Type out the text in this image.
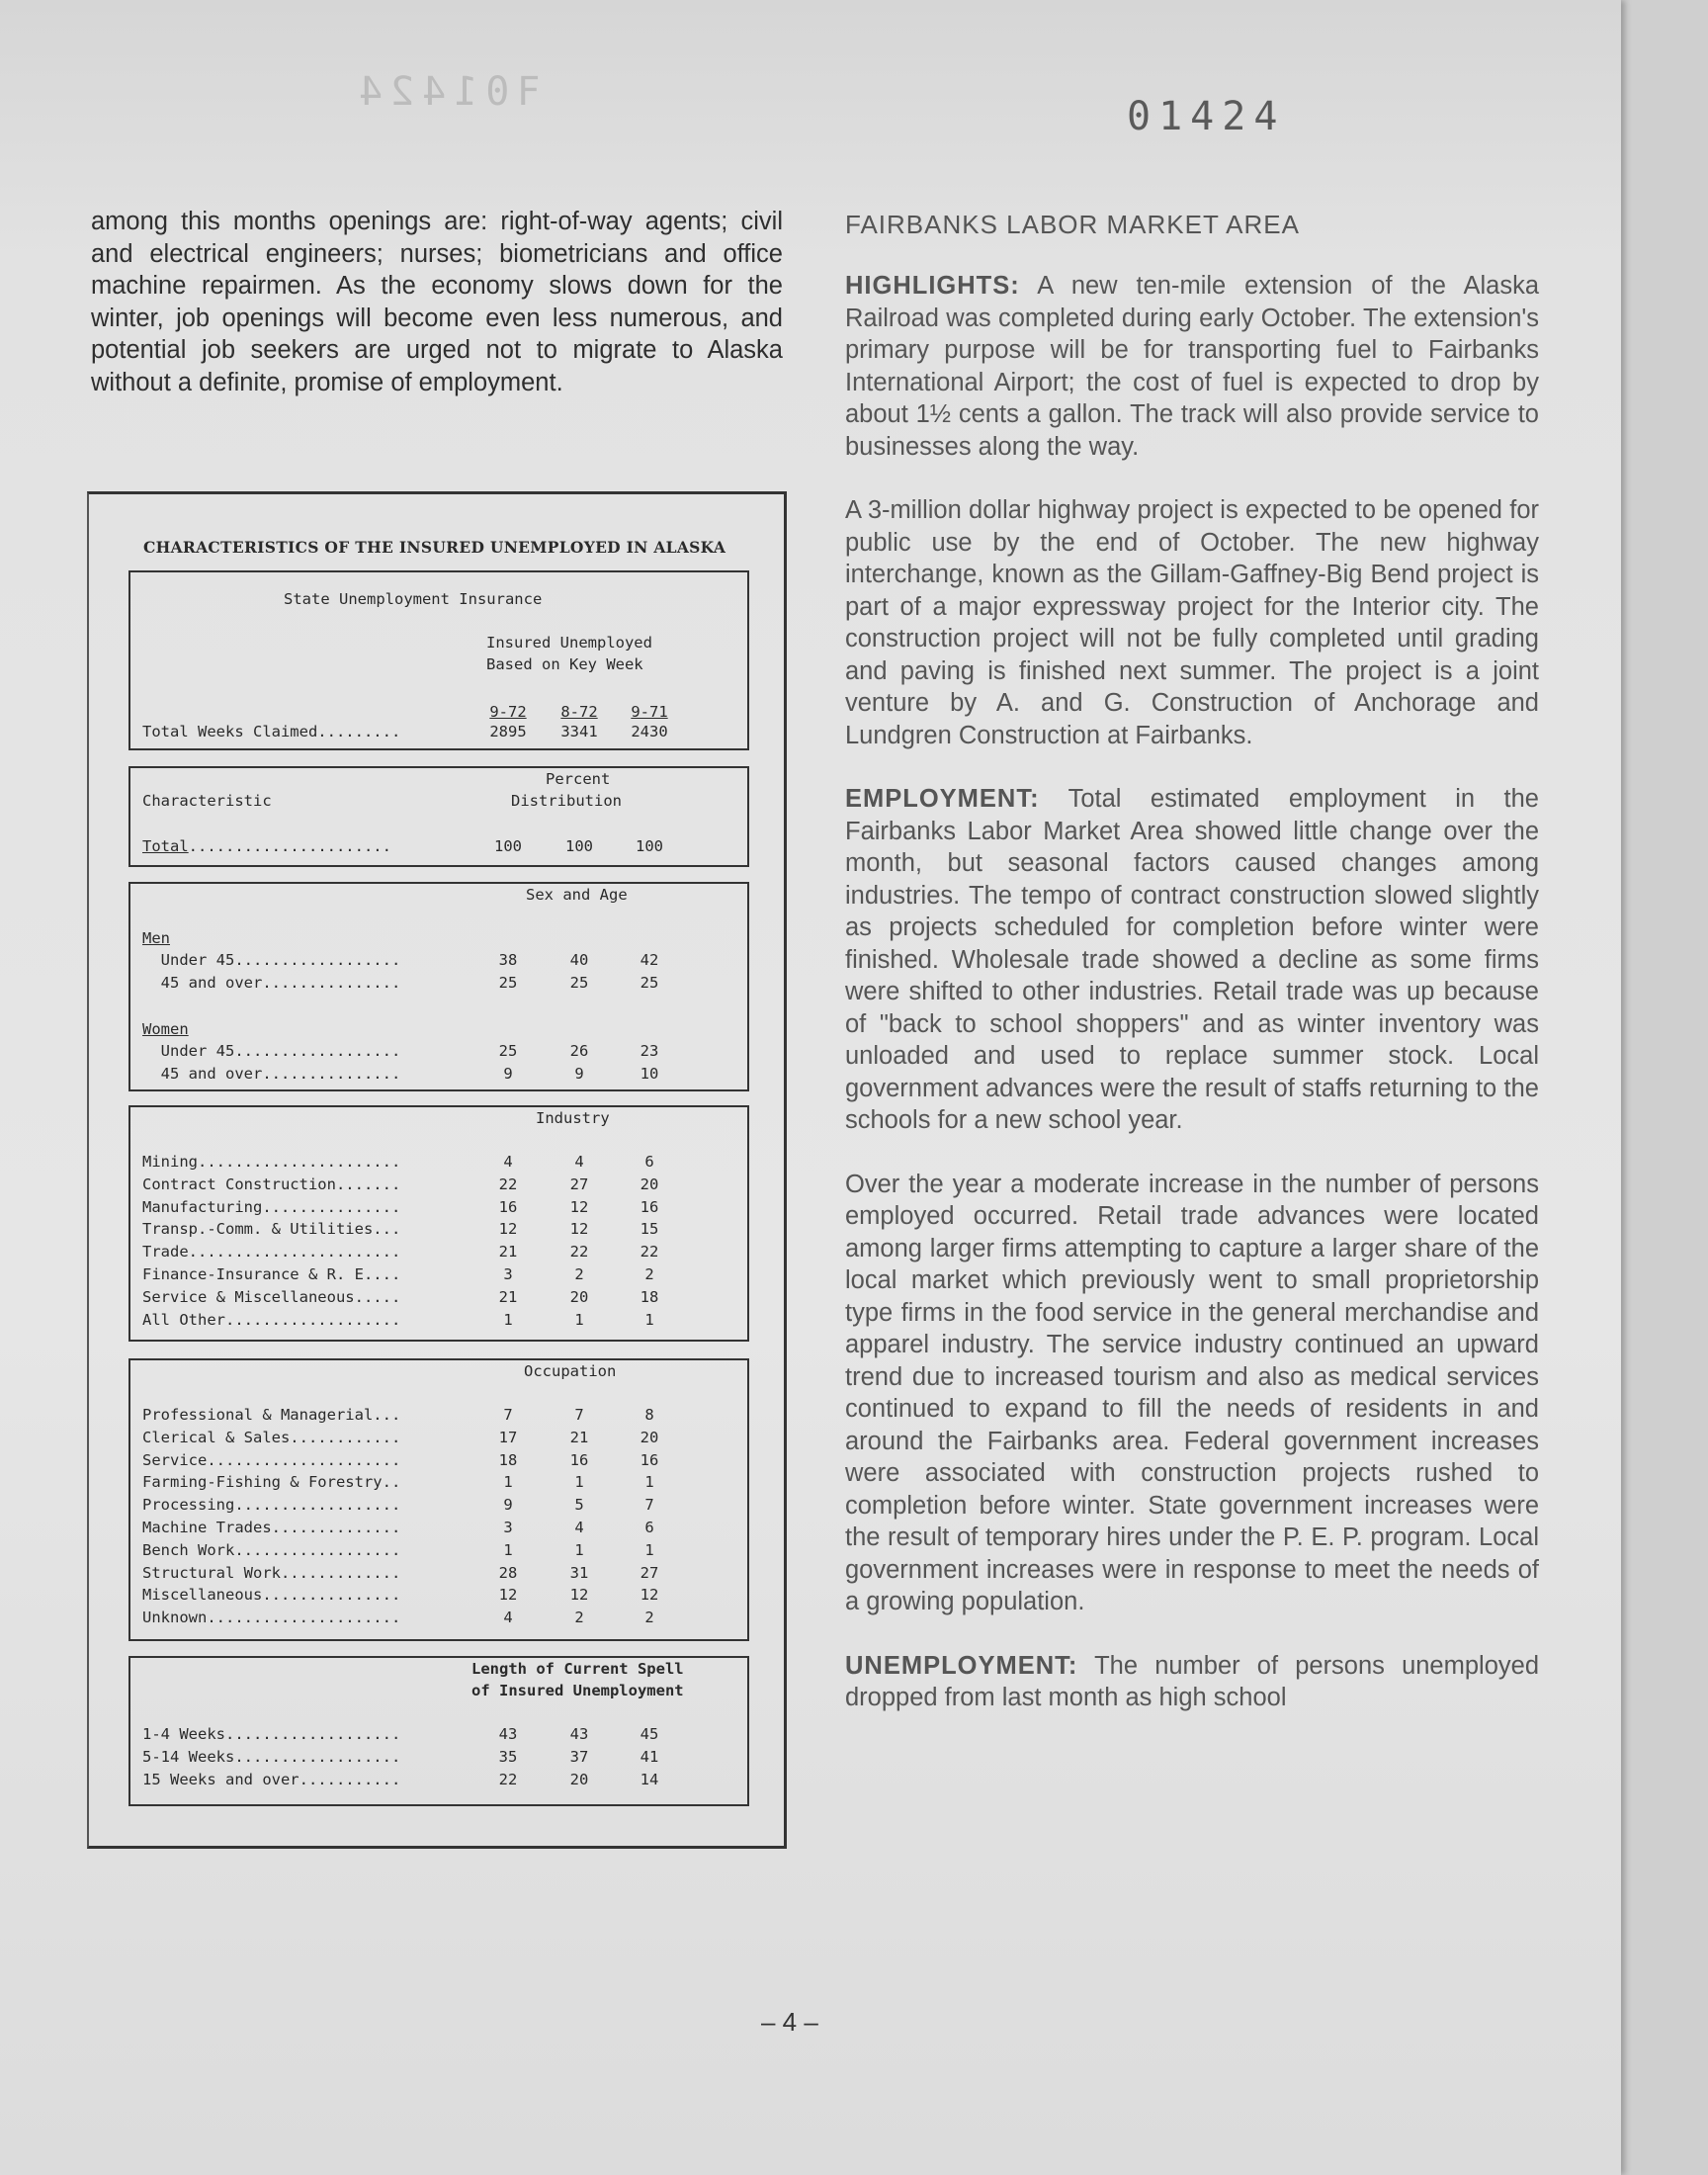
ꟻ01424
01424

among this months openings are: right-of-way agents; civil and electrical engineers; nurses; biometricians and office machine repairmen. As the economy slows down for the winter, job openings will become even less numerous, and potential job seekers are urged not to migrate to Alaska without a definite, promise of employment.

CHARACTERISTICS OF THE INSURED UNEMPLOYED IN ALASKA
State Unemployment Insurance
Insured Unemployed
Based on Key Week
9-72	8-72	9-71
Total Weeks Claimed.........	2895	3341	2430
Percent
Distribution
Characteristic
Total......................	100	100	100
Sex and Age
Men
Under 45..................	38	40	42
45 and over...............	25	25	25
Women
Under 45..................	25	26	23
45 and over...............	9	9	10
Industry
Mining......................	4	4	6
Contract Construction.......	22	27	20
Manufacturing...............	16	12	16
Transp.-Comm. & Utilities...	12	12	15
Trade.......................	21	22	22
Finance-Insurance & R. E....	3	2	2
Service & Miscellaneous.....	21	20	18
All Other...................	1	1	1
Occupation
Professional & Managerial...	7	7	8
Clerical & Sales............	17	21	20
Service.....................	18	16	16
Farming-Fishing & Forestry..	1	1	1
Processing..................	9	5	7
Machine Trades..............	3	4	6
Bench Work..................	1	1	1
Structural Work.............	28	31	27
Miscellaneous...............	12	12	12
Unknown.....................	4	2	2
Length of Current Spell
of Insured Unemployment
1-4 Weeks...................	43	43	45
5-14 Weeks..................	35	37	41
15 Weeks and over...........	22	20	14
FAIRBANKS LABOR MARKET AREA

HIGHLIGHTS: A new ten-mile extension of the Alaska Railroad was completed during early October. The extension's primary purpose will be for transporting fuel to Fairbanks International Airport; the cost of fuel is expected to drop by about 1½ cents a gallon. The track will also provide service to businesses along the way.

A 3-million dollar highway project is expected to be opened for public use by the end of October. The new highway interchange, known as the Gillam-Gaffney-Big Bend project is part of a major expressway project for the Interior city. The construction project will not be fully completed until grading and paving is finished next summer. The project is a joint venture by A. and G. Construction of Anchorage and Lundgren Construction at Fairbanks.

EMPLOYMENT: Total estimated employment in the Fairbanks Labor Market Area showed little change over the month, but seasonal factors caused changes among industries. The tempo of contract construction slowed slightly as projects scheduled for completion before winter were finished. Wholesale trade showed a decline as some firms were shifted to other industries. Retail trade was up because of "back to school shoppers" and as winter inventory was unloaded and used to replace summer stock. Local government advances were the result of staffs returning to the schools for a new school year.

Over the year a moderate increase in the number of persons employed occurred. Retail trade advances were located among larger firms attempting to capture a larger share of the local market which previously went to small proprietorship type firms in the food service in the general merchandise and apparel industry. The service industry continued an upward trend due to increased tourism and also as medical services continued to expand to fill the needs of residents in and around the Fairbanks area. Federal government increases were associated with construction projects rushed to completion before winter. State government increases were the result of temporary hires under the P. E. P. program. Local government increases were in response to meet the needs of a growing population.

UNEMPLOYMENT: The number of persons unemployed dropped from last month as high school

– 4 –
